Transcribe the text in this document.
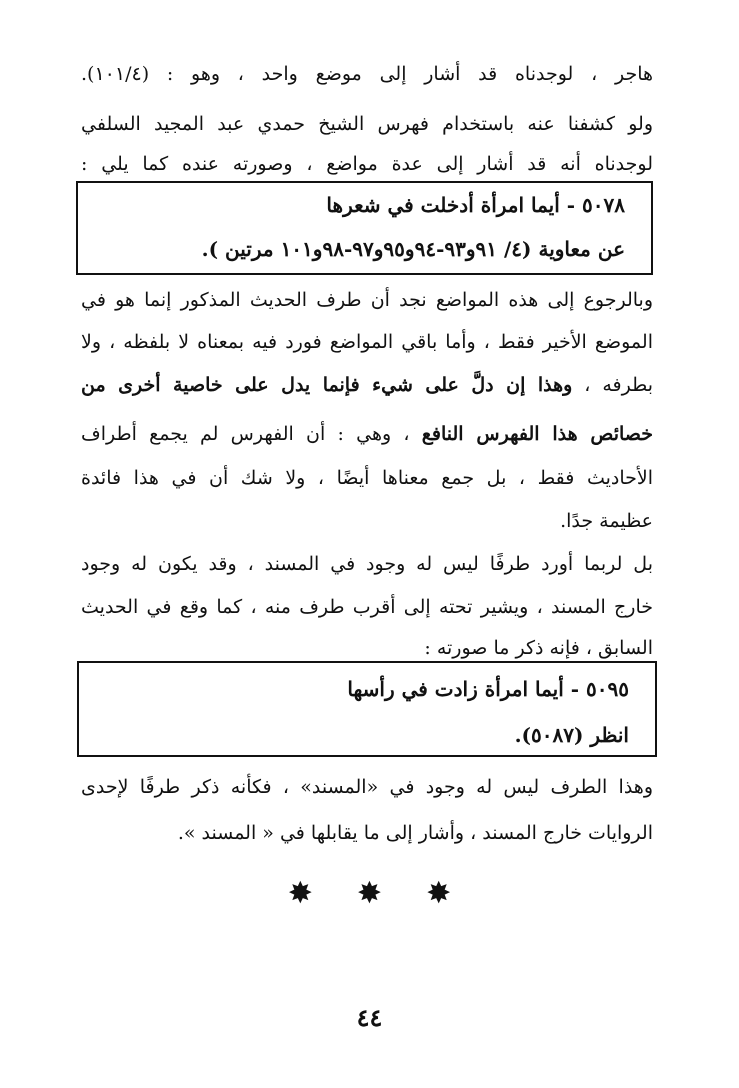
هاجر ، لوجدناه قد أشار إلى موضع واحد ، وهو : (١٠١/٤).
ولو كشفنا عنه باستخدام فهرس الشيخ حمدي عبد المجيد السلفي
لوجدناه أنه قد أشار إلى عدة مواضع ، وصورته عنده كما يلي :
٥٠٧٨ - أيما امرأة أدخلت في شعرها
عن معاوية (٤/ ٩١و٩٣-٩٤و٩٥و٩٧-٩٨و١٠١ مرتين ).
وبالرجوع إلى هذه المواضع نجد أن طرف الحديث المذكور إنما هو في
الموضع الأخير فقط ، وأما باقي المواضع فورد فيه بمعناه لا بلفظه ، ولا
بطرفه ، وهذا إن دلَّ على شيء فإنما يدل على خاصية أخرى من
خصائص هذا الفهرس النافع ، وهي : أن الفهرس لم يجمع أطراف
الأحاديث فقط ، بل جمع معناها أيضًا ، ولا شك أن في هذا فائدة
عظيمة جدًا.
بل لربما أورد طرفًا ليس له وجود في المسند ، وقد يكون له وجود
خارج المسند ، ويشير تحته إلى أقرب طرف منه ، كما وقع في الحديث
السابق ، فإنه ذكر ما صورته :
٥٠٩٥ - أيما امرأة زادت في رأسها
انظر (٥٠٨٧).
وهذا الطرف ليس له وجود في «المسند» ، فكأنه ذكر طرفًا لإحدى
الروايات خارج المسند ، وأشار إلى ما يقابلها في « المسند ».
✸ ✸ ✸
٤٤
